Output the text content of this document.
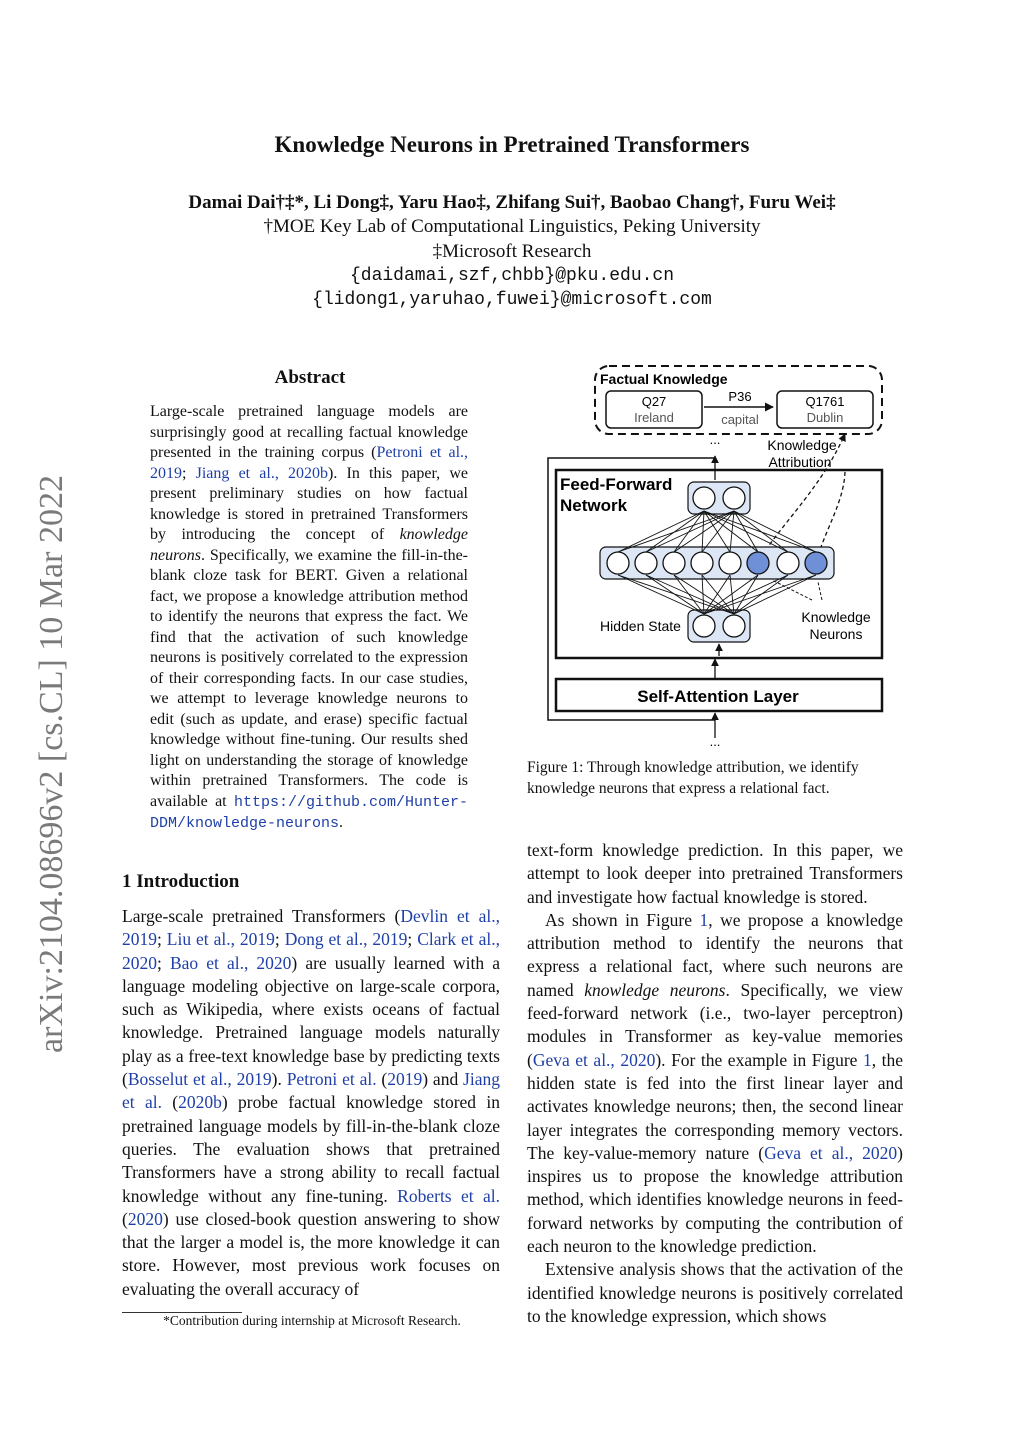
Knowledge Neurons in Pretrained Transformers
Damai Dai†‡*, Li Dong‡, Yaru Hao‡, Zhifang Sui†, Baobao Chang†, Furu Wei‡
†MOE Key Lab of Computational Linguistics, Peking University
‡Microsoft Research
{daidamai,szf,chbb}@pku.edu.cn
{lidong1,yaruhao,fuwei}@microsoft.com
arXiv:2104.08696v2 [cs.CL] 10 Mar 2022
Abstract
Large-scale pretrained language models are surprisingly good at recalling factual knowledge presented in the training corpus (Petroni et al., 2019; Jiang et al., 2020b). In this paper, we present preliminary studies on how factual knowledge is stored in pretrained Transformers by introducing the concept of knowledge neurons. Specifically, we examine the fill-in-the-blank cloze task for BERT. Given a relational fact, we propose a knowledge attribution method to identify the neurons that express the fact. We find that the activation of such knowledge neurons is positively correlated to the expression of their corresponding facts. In our case studies, we attempt to leverage knowledge neurons to edit (such as update, and erase) specific factual knowledge without fine-tuning. Our results shed light on understanding the storage of knowledge within pretrained Transformers. The code is available at https://github.com/Hunter-DDM/knowledge-neurons.
1 Introduction

Large-scale pretrained Transformers (Devlin et al., 2019; Liu et al., 2019; Dong et al., 2019; Clark et al., 2020; Bao et al., 2020) are usually learned with a language modeling objective on large-scale corpora, such as Wikipedia, where exists oceans of factual knowledge. Pretrained language models naturally play as a free-text knowledge base by predicting texts (Bosselut et al., 2019). Petroni et al. (2019) and Jiang et al. (2020b) probe factual knowledge stored in pretrained language models by fill-in-the-blank cloze queries. The evaluation shows that pretrained Transformers have a strong ability to recall factual knowledge without any fine-tuning. Roberts et al. (2020) use closed-book question answering to show that the larger a model is, the more knowledge it can store. However, most previous work focuses on evaluating the overall accuracy of

Factual Knowledge
Q27
Ireland
Q1761
Dublin
P36
capital
Knowledge
Attribution
...
Feed-Forward
Network
Hidden State
Knowledge
Neurons
Self-Attention Layer
...
Figure 1: Through knowledge attribution, we identify knowledge neurons that express a relational fact.

text-form knowledge prediction. In this paper, we attempt to look deeper into pretrained Transformers and investigate how factual knowledge is stored.

As shown in Figure 1, we propose a knowledge attribution method to identify the neurons that express a relational fact, where such neurons are named knowledge neurons. Specifically, we view feed-forward network (i.e., two-layer perceptron) modules in Transformer as key-value memories (Geva et al., 2020). For the example in Figure 1, the hidden state is fed into the first linear layer and activates knowledge neurons; then, the second linear layer integrates the corresponding memory vectors. The key-value-memory nature (Geva et al., 2020) inspires us to propose the knowledge attribution method, which identifies knowledge neurons in feed-forward networks by computing the contribution of each neuron to the knowledge prediction.

Extensive analysis shows that the activation of the identified knowledge neurons is positively correlated to the knowledge expression, which shows

*Contribution during internship at Microsoft Research.
